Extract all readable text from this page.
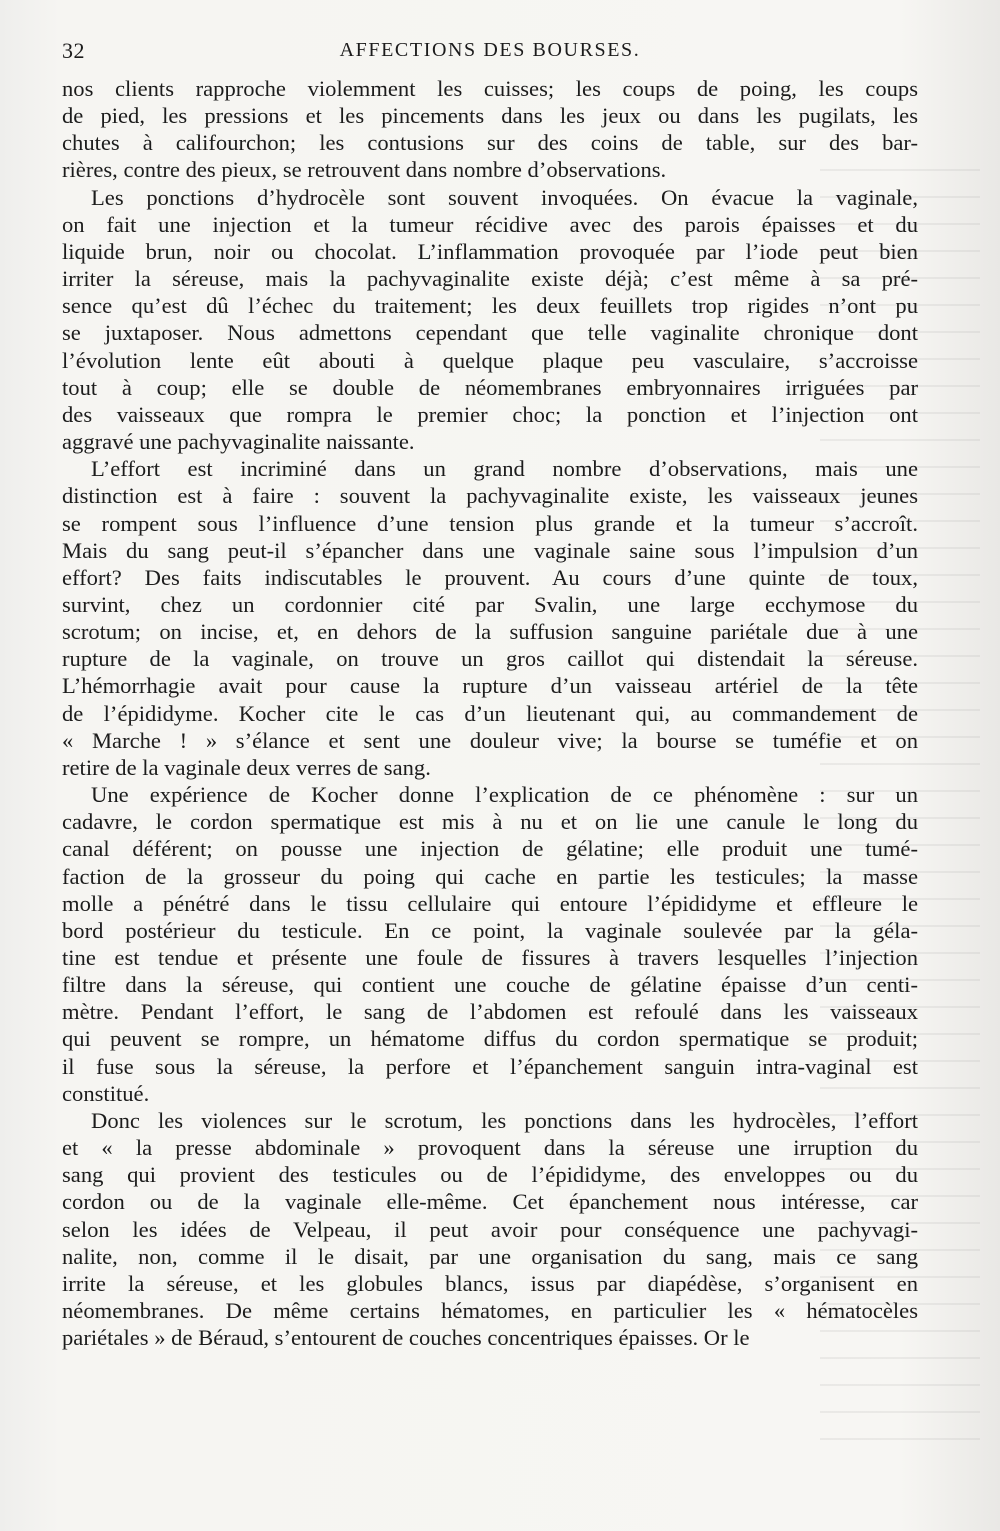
32	AFFECTIONS DES BOURSES.
nos clients rapproche violemment les cuisses; les coups de poing, les coups
de pied, les pressions et les pincements dans les jeux ou dans les pugilats, les
chutes à califourchon; les contusions sur des coins de table, sur des bar-
rières, contre des pieux, se retrouvent dans nombre d’observations.
Les ponctions d’hydrocèle sont souvent invoquées. On évacue la vaginale,
on fait une injection et la tumeur récidive avec des parois épaisses et du
liquide brun, noir ou chocolat. L’inflammation provoquée par l’iode peut bien
irriter la séreuse, mais la pachyvaginalite existe déjà; c’est même à sa pré-
sence qu’est dû l’échec du traitement; les deux feuillets trop rigides n’ont pu
se juxtaposer. Nous admettons cependant que telle vaginalite chronique dont
l’évolution lente eût abouti à quelque plaque peu vasculaire, s’accroisse
tout à coup; elle se double de néomembranes embryonnaires irriguées par
des vaisseaux que rompra le premier choc; la ponction et l’injection ont
aggravé une pachyvaginalite naissante.
L’effort est incriminé dans un grand nombre d’observations, mais une
distinction est à faire : souvent la pachyvaginalite existe, les vaisseaux jeunes
se rompent sous l’influence d’une tension plus grande et la tumeur s’accroît.
Mais du sang peut-il s’épancher dans une vaginale saine sous l’impulsion d’un
effort? Des faits indiscutables le prouvent. Au cours d’une quinte de toux,
survint, chez un cordonnier cité par Svalin, une large ecchymose du
scrotum; on incise, et, en dehors de la suffusion sanguine pariétale due à une
rupture de la vaginale, on trouve un gros caillot qui distendait la séreuse.
L’hémorrhagie avait pour cause la rupture d’un vaisseau artériel de la tête
de l’épididyme. Kocher cite le cas d’un lieutenant qui, au commandement de
« Marche ! » s’élance et sent une douleur vive; la bourse se tuméfie et on
retire de la vaginale deux verres de sang.
Une expérience de Kocher donne l’explication de ce phénomène : sur un
cadavre, le cordon spermatique est mis à nu et on lie une canule le long du
canal déférent; on pousse une injection de gélatine; elle produit une tumé-
faction de la grosseur du poing qui cache en partie les testicules; la masse
molle a pénétré dans le tissu cellulaire qui entoure l’épididyme et effleure le
bord postérieur du testicule. En ce point, la vaginale soulevée par la géla-
tine est tendue et présente une foule de fissures à travers lesquelles l’injection
filtre dans la séreuse, qui contient une couche de gélatine épaisse d’un centi-
mètre. Pendant l’effort, le sang de l’abdomen est refoulé dans les vaisseaux
qui peuvent se rompre, un hématome diffus du cordon spermatique se produit;
il fuse sous la séreuse, la perfore et l’épanchement sanguin intra-vaginal est
constitué.
Donc les violences sur le scrotum, les ponctions dans les hydrocèles, l’effort
et « la presse abdominale » provoquent dans la séreuse une irruption du
sang qui provient des testicules ou de l’épididyme, des enveloppes ou du
cordon ou de la vaginale elle-même. Cet épanchement nous intéresse, car
selon les idées de Velpeau, il peut avoir pour conséquence une pachyvagi-
nalite, non, comme il le disait, par une organisation du sang, mais ce sang
irrite la séreuse, et les globules blancs, issus par diapédèse, s’organisent en
néomembranes. De même certains hématomes, en particulier les « hématocèles
pariétales » de Béraud, s’entourent de couches concentriques épaisses. Or le
